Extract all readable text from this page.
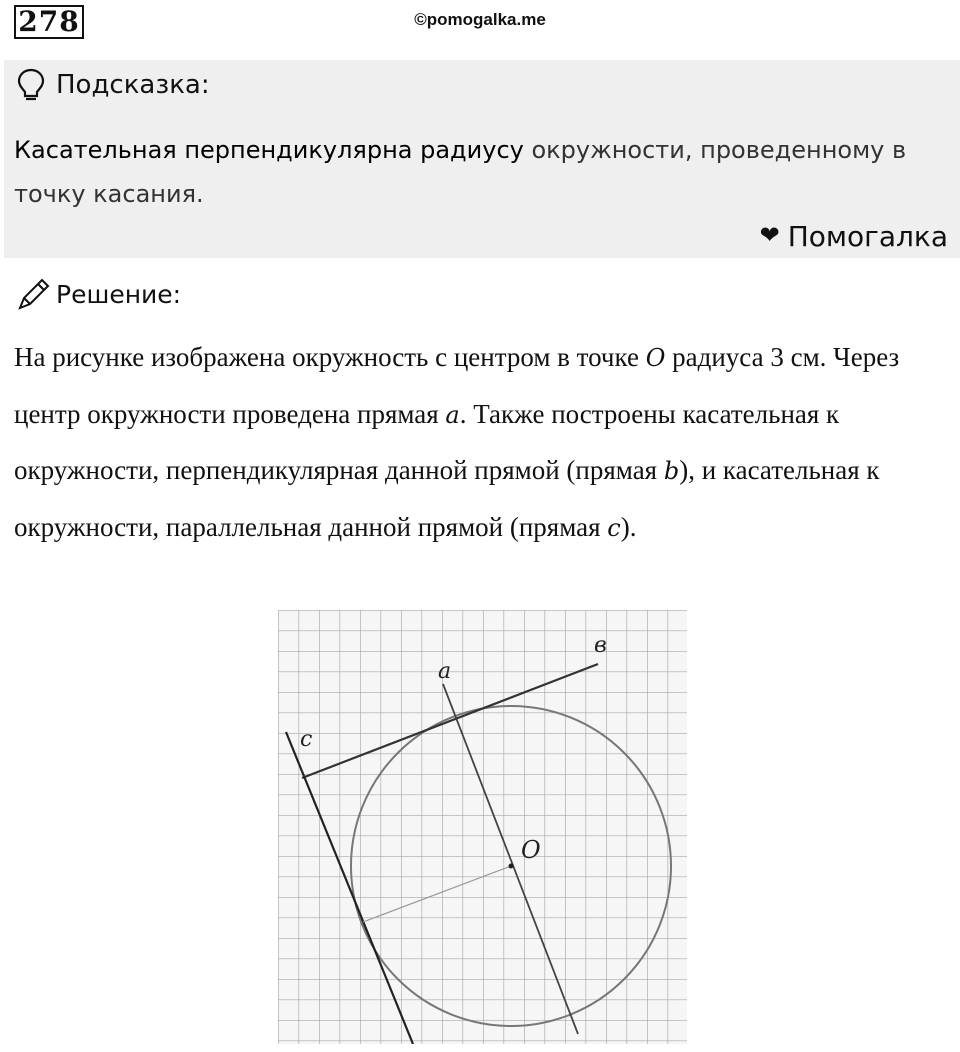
278	©pomogalka.me
Подсказка:
Касательная перпендикулярна радиусу окружности, проведенному в точку касания.
❤ Помогалка
Решение:
На рисунке изображена окружность с центром в точке O радиуса 3 см. Через центр окружности проведена прямая a. Также построены касательная к окружности, перпендикулярная данной прямой (прямая b), и касательная к окружности, параллельная данной прямой (прямая c).
a
в
c
O
